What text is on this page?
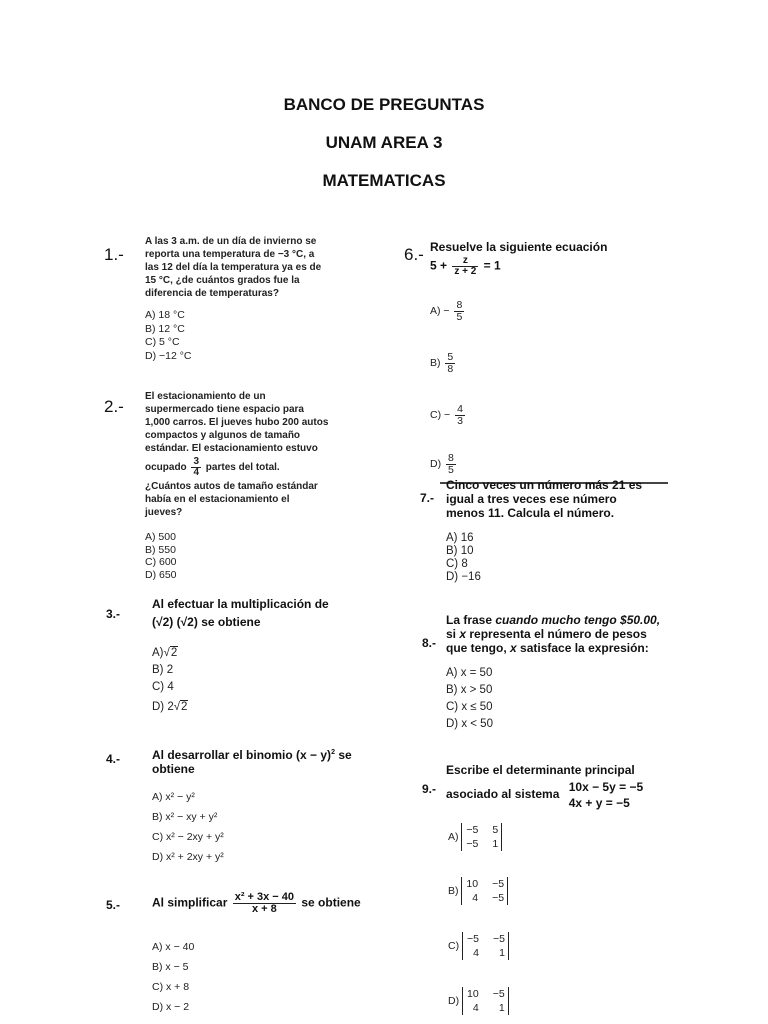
BANCO DE PREGUNTAS
UNAM AREA 3
MATEMATICAS
1.-
A las 3 a.m. de un día de invierno se
reporta una temperatura de −3 °C, a
las 12 del día la temperatura ya es de
15 °C, ¿de cuántos grados fue la
diferencia de temperaturas?
A) 18 °C
B) 12 °C
C) 5 °C
D) −12 °C
2.-
El estacionamiento de un
supermercado tiene espacio para
1,000 carros. El jueves hubo 200 autos
compactos y algunos de tamaño
estándar. El estacionamiento estuvo
ocupado $\frac{3}{4}$ partes del total.
¿Cuántos autos de tamaño estándar
había en el estacionamiento el
jueves?
A) 500
B) 550
C) 600
D) 650
3.-
Al efectuar la multiplicación de
(√2) (√2) se obtiene
A)√2
B) 2
C) 4
D) 2√2
4.-	Al desarrollar el binomio $(x - y)^2$ se
obtiene
A) x² − y²
B) x² − xy + y²
C) x² − 2xy + y²
D) x² + 2xy + y²
5.-	Al simplificar $\frac{\text{x² + 3x − 40}}{x + 8}$ se obtiene
A) x − 40
B) x − 5
C) x + 8
D) x − 2
6.- Resuelve la siguiente ecuación
$5 + \frac{z}{z + 2} = 1$
$A) - \frac{8}{5}$
$B) \frac{5}{8}$
$C) - \frac{4}{3}$
$D) \frac{8}{5}$
7.-
Cinco veces un número más 21 es
igual a tres veces ese número
menos 11. Calcula el número.
A) 16
B) 10
C) 8
D) −16
8.-
La frase cuando mucho tengo $50.00,
si x representa el número de pesos
que tengo, x satisface la expresión:
A) x = 50
B) x > 50
C) x ≤ 50
D) x < 50
9.-
Escribe el determinante principal
asociado al sistema
10x − 5y = −5
4x + y = −5
A)
−5 5
−5 1
B)
10 −5
4 −5
C)
−5 −5
4	1
D)
10 −5
4	1
